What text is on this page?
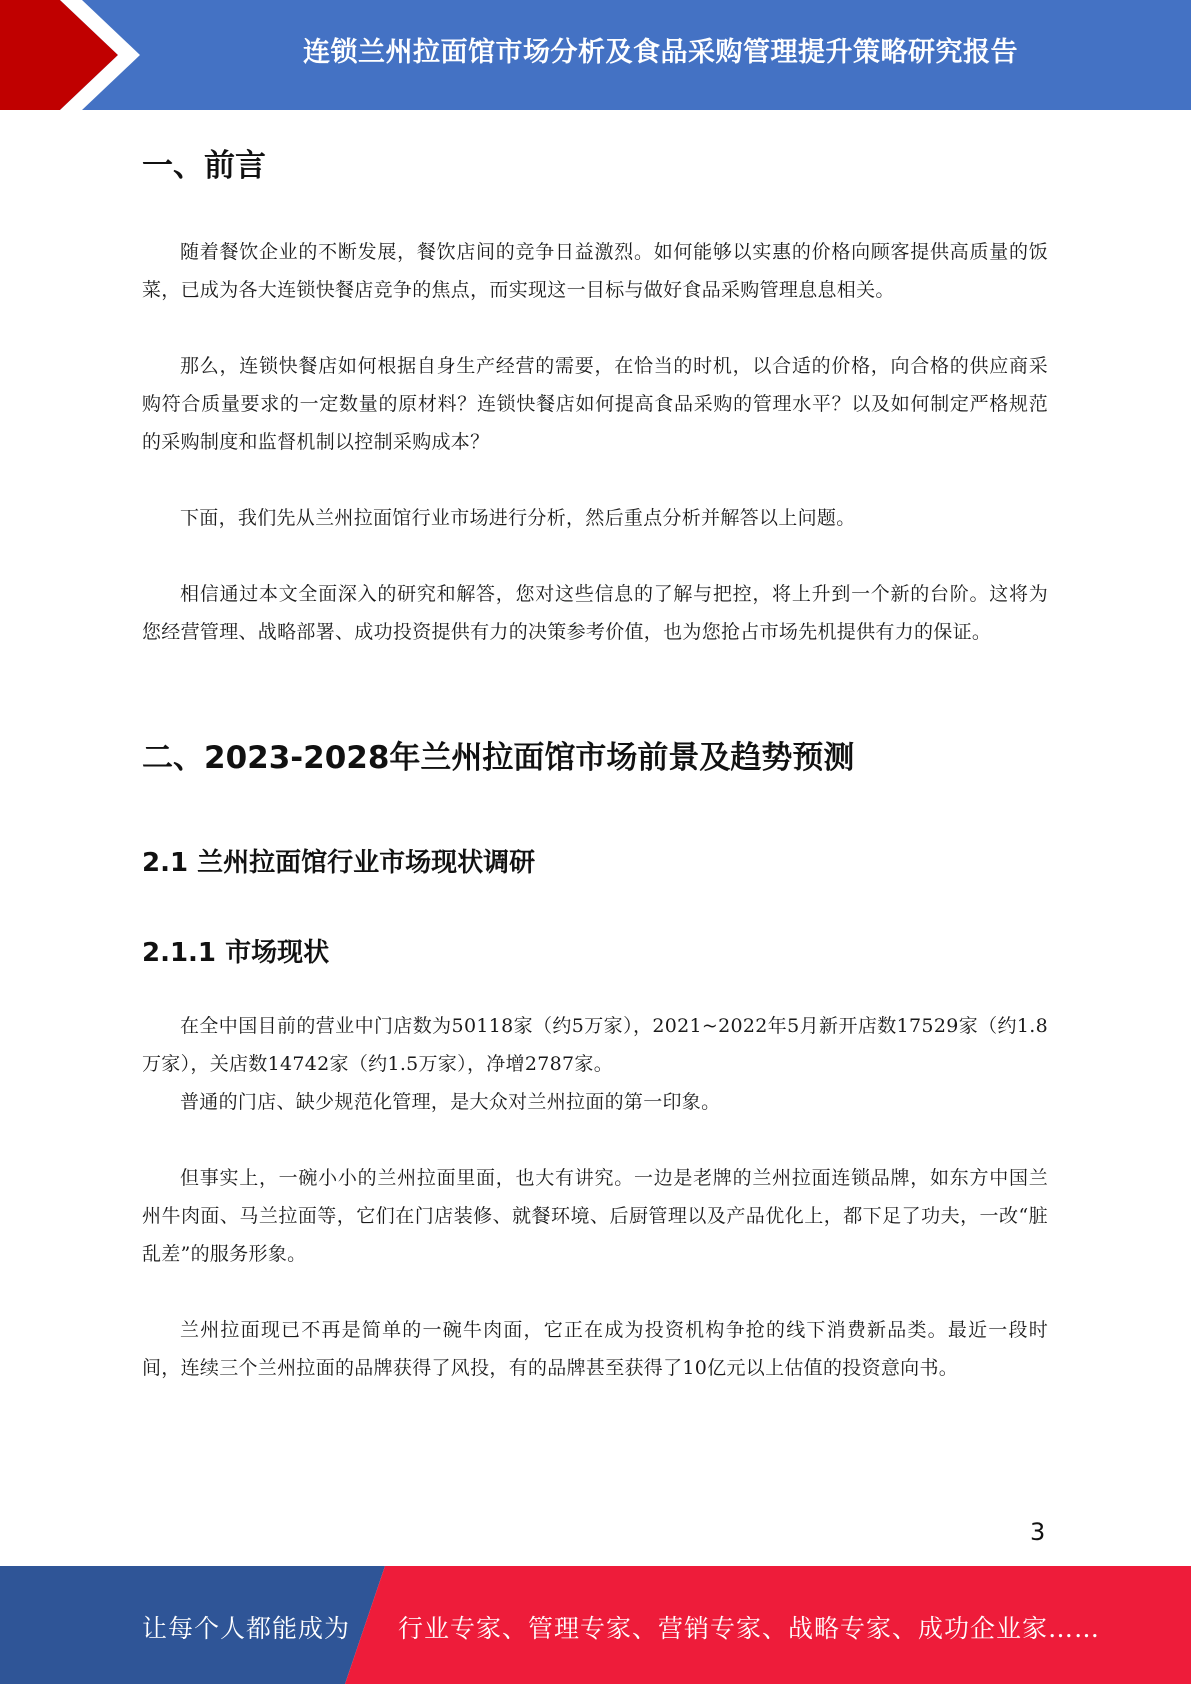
连锁兰州拉面馆市场分析及食品采购管理提升策略研究报告
一、前言

随着餐饮企业的不断发展，餐饮店间的竞争日益激烈。如何能够以实惠的价格向顾客提供高质量的饭菜，已成为各大连锁快餐店竞争的焦点，而实现这一目标与做好食品采购管理息息相关。

那么，连锁快餐店如何根据自身生产经营的需要，在恰当的时机，以合适的价格，向合格的供应商采购符合质量要求的一定数量的原材料？连锁快餐店如何提高食品采购的管理水平？以及如何制定严格规范的采购制度和监督机制以控制采购成本？

下面，我们先从兰州拉面馆行业市场进行分析，然后重点分析并解答以上问题。

相信通过本文全面深入的研究和解答，您对这些信息的了解与把控，将上升到一个新的台阶。这将为您经营管理、战略部署、成功投资提供有力的决策参考价值，也为您抢占市场先机提供有力的保证。

二、2023-2028年兰州拉面馆市场前景及趋势预测
2.1 兰州拉面馆行业市场现状调研
2.1.1 市场现状

在全中国目前的营业中门店数为50118家（约5万家），2021~2022年5月新开店数17529家（约1.8万家），关店数14742家（约1.5万家），净增2787家。

普通的门店、缺少规范化管理，是大众对兰州拉面的第一印象。

但事实上，一碗小小的兰州拉面里面，也大有讲究。一边是老牌的兰州拉面连锁品牌，如东方中国兰州牛肉面、马兰拉面等，它们在门店装修、就餐环境、后厨管理以及产品优化上，都下足了功夫，一改“脏乱差”的服务形象。

兰州拉面现已不再是简单的一碗牛肉面，它正在成为投资机构争抢的线下消费新品类。最近一段时间，连续三个兰州拉面的品牌获得了风投，有的品牌甚至获得了10亿元以上估值的投资意向书。

3
让每个人都能成为 行业专家、管理专家、营销专家、战略专家、成功企业家……
